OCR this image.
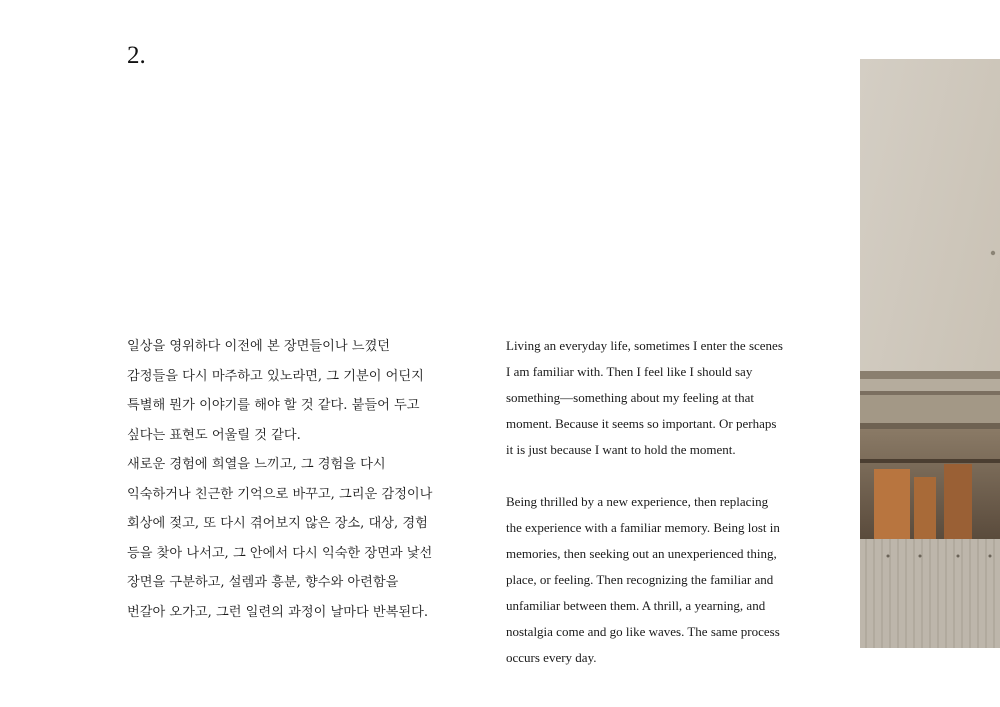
2.
일상을 영위하다 이전에 본 장면들이나 느꼈던
감정들을 다시 마주하고 있노라면, 그 기분이 어딘지
특별해 뭔가 이야기를 해야 할 것 같다. 붙들어 두고
싶다는 표현도 어울릴 것 같다.
새로운 경험에 희열을 느끼고, 그 경험을 다시
익숙하거나 친근한 기억으로 바꾸고, 그리운 감정이나
회상에 젖고, 또 다시 겪어보지 않은 장소, 대상, 경험
등을 찾아 나서고, 그 안에서 다시 익숙한 장면과 낯선
장면을 구분하고, 설렘과 흥분, 향수와 아련함을
번갈아 오가고, 그런 일련의 과정이 날마다 반복된다.
Living an everyday life, sometimes I enter the scenes
I am familiar with. Then I feel like I should say
something—something about my feeling at that
moment. Because it seems so important. Or perhaps
it is just because I want to hold the moment.
Being thrilled by a new experience, then replacing
the experience with a familiar memory. Being lost in
memories, then seeking out an unexperienced thing,
place, or feeling. Then recognizing the familiar and
unfamiliar between them. A thrill, a yearning, and
nostalgia come and go like waves. The same process
occurs every day.
